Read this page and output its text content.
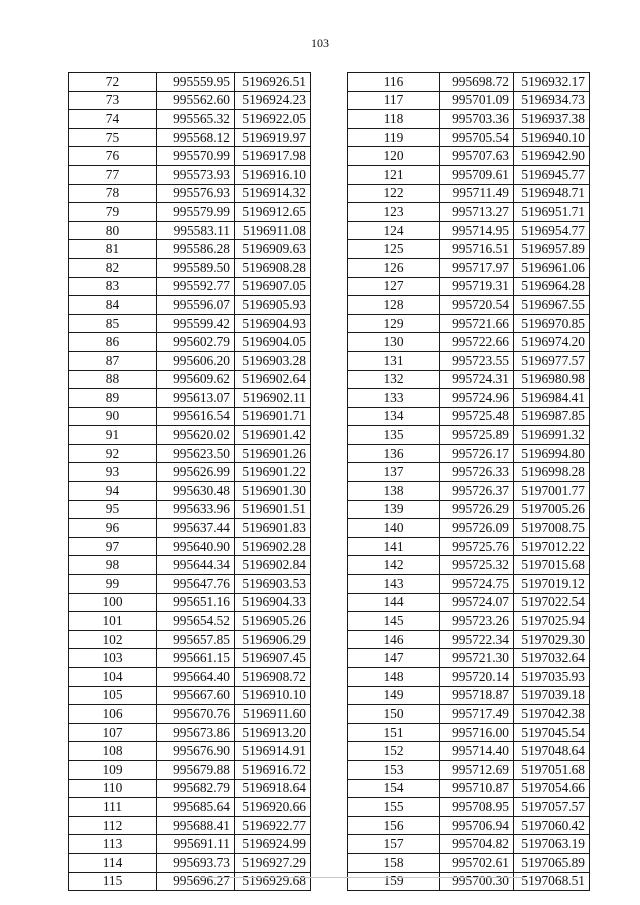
103
72	995559.95	5196926.51
73	995562.60	5196924.23
74	995565.32	5196922.05
75	995568.12	5196919.97
76	995570.99	5196917.98
77	995573.93	5196916.10
78	995576.93	5196914.32
79	995579.99	5196912.65
80	995583.11	5196911.08
81	995586.28	5196909.63
82	995589.50	5196908.28
83	995592.77	5196907.05
84	995596.07	5196905.93
85	995599.42	5196904.93
86	995602.79	5196904.05
87	995606.20	5196903.28
88	995609.62	5196902.64
89	995613.07	5196902.11
90	995616.54	5196901.71
91	995620.02	5196901.42
92	995623.50	5196901.26
93	995626.99	5196901.22
94	995630.48	5196901.30
95	995633.96	5196901.51
96	995637.44	5196901.83
97	995640.90	5196902.28
98	995644.34	5196902.84
99	995647.76	5196903.53
100	995651.16	5196904.33
101	995654.52	5196905.26
102	995657.85	5196906.29
103	995661.15	5196907.45
104	995664.40	5196908.72
105	995667.60	5196910.10
106	995670.76	5196911.60
107	995673.86	5196913.20
108	995676.90	5196914.91
109	995679.88	5196916.72
110	995682.79	5196918.64
111	995685.64	5196920.66
112	995688.41	5196922.77
113	995691.11	5196924.99
114	995693.73	5196927.29
115	995696.27	5196929.68
116	995698.72	5196932.17
117	995701.09	5196934.73
118	995703.36	5196937.38
119	995705.54	5196940.10
120	995707.63	5196942.90
121	995709.61	5196945.77
122	995711.49	5196948.71
123	995713.27	5196951.71
124	995714.95	5196954.77
125	995716.51	5196957.89
126	995717.97	5196961.06
127	995719.31	5196964.28
128	995720.54	5196967.55
129	995721.66	5196970.85
130	995722.66	5196974.20
131	995723.55	5196977.57
132	995724.31	5196980.98
133	995724.96	5196984.41
134	995725.48	5196987.85
135	995725.89	5196991.32
136	995726.17	5196994.80
137	995726.33	5196998.28
138	995726.37	5197001.77
139	995726.29	5197005.26
140	995726.09	5197008.75
141	995725.76	5197012.22
142	995725.32	5197015.68
143	995724.75	5197019.12
144	995724.07	5197022.54
145	995723.26	5197025.94
146	995722.34	5197029.30
147	995721.30	5197032.64
148	995720.14	5197035.93
149	995718.87	5197039.18
150	995717.49	5197042.38
151	995716.00	5197045.54
152	995714.40	5197048.64
153	995712.69	5197051.68
154	995710.87	5197054.66
155	995708.95	5197057.57
156	995706.94	5197060.42
157	995704.82	5197063.19
158	995702.61	5197065.89
159	995700.30	5197068.51
